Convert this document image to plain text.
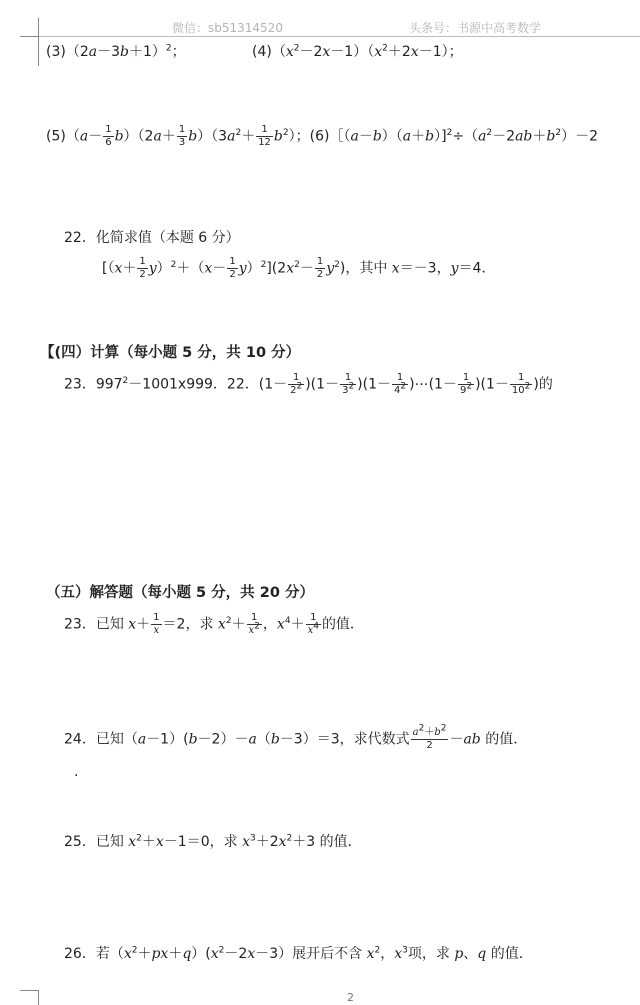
微信：sb51314520	头条号：书源中高考数学
$(3)(2a-3b+1)^2$；	$(4)(x^2-2x-1)(x^2+2x-1)$；
$(5)(a- \frac{1}{6} b)(2a+ \frac{1}{3} b)(3a^2+ \frac{1}{12} b^2)$；$(6)[(a-b)(a+b)]^2\div(a^2-2ab+b^2)-2$
22．化简求值（本题 6 分）
$[(x+ \frac{1}{2} y)^2+(x- \frac{1}{2} y)^2](2x^2- \frac{1}{2} y^2)$，其中 x＝－3，y＝4．
【(四）计算（每小题 5 分，共 10 分）
23．$997^2-1001x999$．22．$(1- \frac{1}{2^2} )(1- \frac{1}{3^2} )(1- \frac{1}{4^2}$ )⋯(1－ $\frac{1}{9^2} )(1- \frac{1}{10^2}$ )的
（五）解答题（每小题 5 分，共 20 分）
23．已知 $x+ \frac{1}{x} =2$，求 $x^2+ \frac{1}{x^2}$ ，$x^4+ \frac{1}{x^4}$ 的值．
24．已知（a－1）(b－2）－a（b－3）＝3，求代数式 $\frac{a^2+b^2}{2} -ab$ 的值．
.
25．已知 $x^2+x-1=0$，求 $x^3+2x^2+3$ 的值．
26．若$(x^2+px+q)(x^2-2x-3)$展开后不含 $x^2$，$x^3$项，求 p、q 的值．
2
